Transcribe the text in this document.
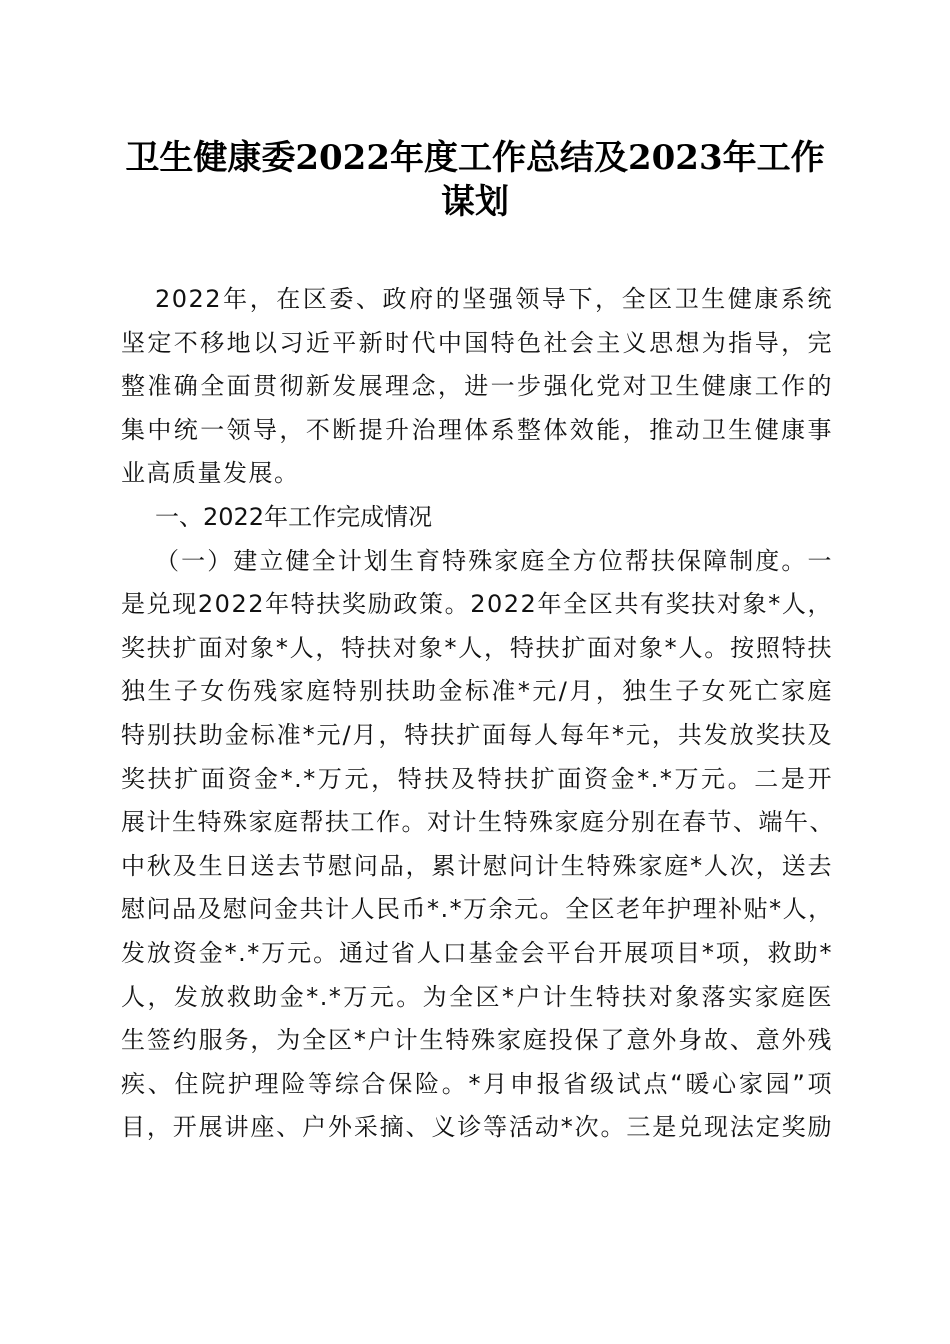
卫生健康委2022年度工作总结及2023年工作
谋划
2022年，在区委、政府的坚强领导下，全区卫生健康系统
坚定不移地以习近平新时代中国特色社会主义思想为指导，完
整准确全面贯彻新发展理念，进一步强化党对卫生健康工作的
集中统一领导，不断提升治理体系整体效能，推动卫生健康事
业高质量发展。
一、2022年工作完成情况
（一）建立健全计划生育特殊家庭全方位帮扶保障制度。一
是兑现2022年特扶奖励政策。2022年全区共有奖扶对象*人，
奖扶扩面对象*人，特扶对象*人，特扶扩面对象*人。按照特扶
独生子女伤残家庭特别扶助金标准*元/月，独生子女死亡家庭
特别扶助金标准*元/月，特扶扩面每人每年*元，共发放奖扶及
奖扶扩面资金*.*万元，特扶及特扶扩面资金*.*万元。二是开
展计生特殊家庭帮扶工作。对计生特殊家庭分别在春节、端午、
中秋及生日送去节慰问品，累计慰问计生特殊家庭*人次，送去
慰问品及慰问金共计人民币*.*万余元。全区老年护理补贴*人，
发放资金*.*万元。通过省人口基金会平台开展项目*项，救助*
人，发放救助金*.*万元。为全区*户计生特扶对象落实家庭医
生签约服务，为全区*户计生特殊家庭投保了意外身故、意外残
疾、住院护理险等综合保险。*月申报省级试点“暖心家园”项
目，开展讲座、户外采摘、义诊等活动*次。三是兑现法定奖励
